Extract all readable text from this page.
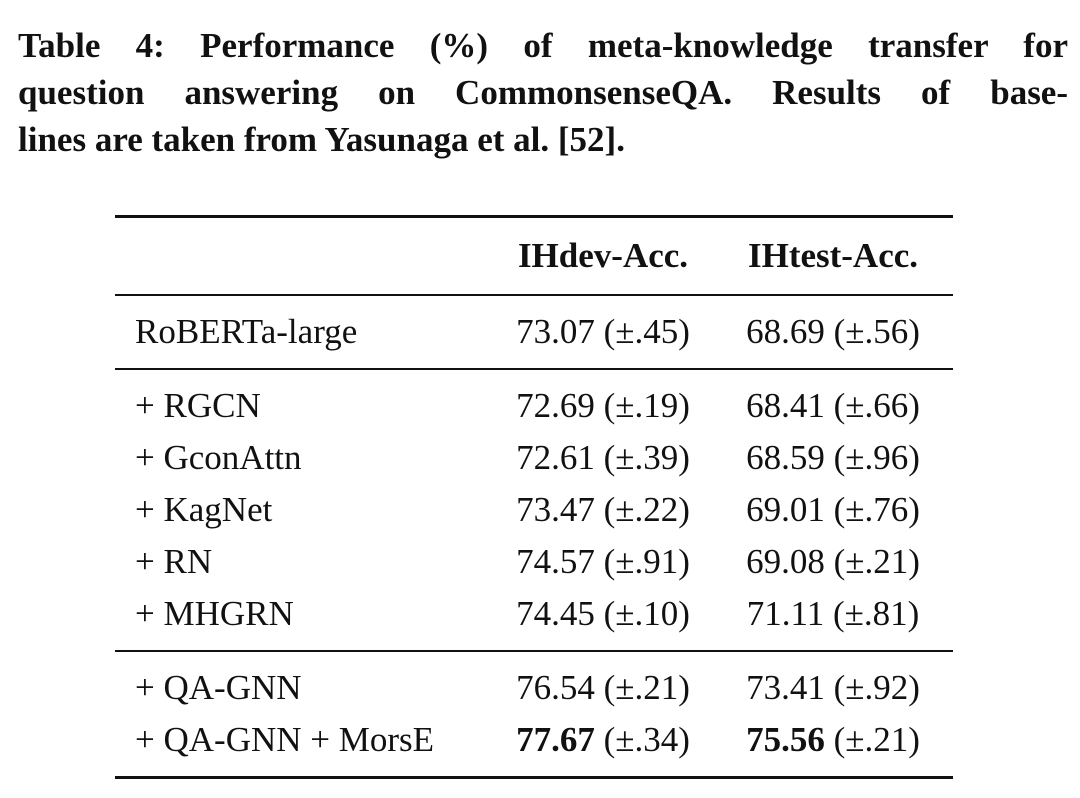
Table 4: Performance (%) of meta-knowledge transfer for
question answering on CommonsenseQA. Results of base-
lines are taken from Yasunaga et al. [52].
	IHdev-Acc.	IHtest-Acc.
RoBERTa-large	73.07 (±.45)	68.69 (±.56)
+ RGCN	72.69 (±.19)	68.41 (±.66)
+ GconAttn	72.61 (±.39)	68.59 (±.96)
+ KagNet	73.47 (±.22)	69.01 (±.76)
+ RN	74.57 (±.91)	69.08 (±.21)
+ MHGRN	74.45 (±.10)	71.11 (±.81)
+ QA-GNN	76.54 (±.21)	73.41 (±.92)
+ QA-GNN + MorsE	77.67 (±.34)	75.56 (±.21)
